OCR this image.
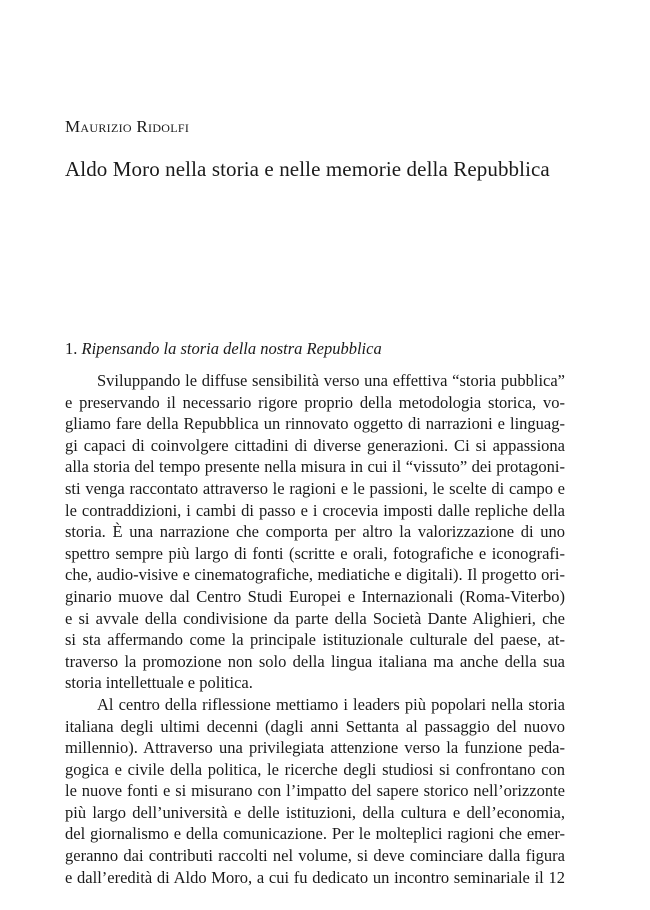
Maurizio Ridolfi
Aldo Moro nella storia e nelle memorie della Repubblica
1. Ripensando la storia della nostra Repubblica
Sviluppando le diffuse sensibilità verso una effettiva “storia pubblica”
e preservando il necessario rigore proprio della metodologia storica, vo-
gliamo fare della Repubblica un rinnovato oggetto di narrazioni e linguag-
gi capaci di coinvolgere cittadini di diverse generazioni. Ci si appassiona
alla storia del tempo presente nella misura in cui il “vissuto” dei protagoni-
sti venga raccontato attraverso le ragioni e le passioni, le scelte di campo e
le contraddizioni, i cambi di passo e i crocevia imposti dalle repliche della
storia. È una narrazione che comporta per altro la valorizzazione di uno
spettro sempre più largo di fonti (scritte e orali, fotografiche e iconografi-
che, audio-visive e cinematografiche, mediatiche e digitali). Il progetto ori-
ginario muove dal Centro Studi Europei e Internazionali (Roma-Viterbo)
e si avvale della condivisione da parte della Società Dante Alighieri, che
si sta affermando come la principale istituzionale culturale del paese, at-
traverso la promozione non solo della lingua italiana ma anche della sua
storia intellettuale e politica.
Al centro della riflessione mettiamo i leaders più popolari nella storia
italiana degli ultimi decenni (dagli anni Settanta al passaggio del nuovo
millennio). Attraverso una privilegiata attenzione verso la funzione peda-
gogica e civile della politica, le ricerche degli studiosi si confrontano con
le nuove fonti e si misurano con l’impatto del sapere storico nell’orizzonte
più largo dell’università e delle istituzioni, della cultura e dell’economia,
del giornalismo e della comunicazione. Per le molteplici ragioni che emer-
geranno dai contributi raccolti nel volume, si deve cominciare dalla figura
e dall’eredità di Aldo Moro, a cui fu dedicato un incontro seminariale il 12
